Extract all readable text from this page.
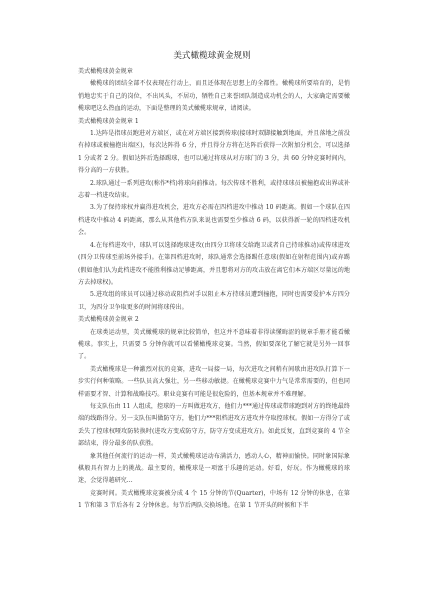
美式橄榄球黄金规则

美式橄榄球黄金规章

橄榄球的团结全部不仅表现在行动上，而且还体现在思想上的全都性。橄榄球所要培育的，是悄悄地忠实于自己的岗位，不出风头，不居功，牺牲自己来誉团队制造成功机会的人，大家确定需要橄榄球吧这么热血的运动，下面是整理的美式橄榄球规章，请阅读。

美式橄榄球黄金规章 1

1.达阵是指球员跑进对方端区，或在对方端区接到传球(接球时双脚接触到地面，并且落地之前没有掉球或被撞抱出端区)，每次达阵得 6 分，并且得分方将在达阵后获得一次附加分机会，可以选择 1 分或者 2 分。假如达阵后选择踢球，也可以通过将球从对方球门的 3 分，共 60 分钟竞赛时间内，得分高的一方获胜。

2.球队通过一系列进攻(称作*档)将球向前推动。每次传球不胜利，或持球球员被撞抱或出界或补志着一档进攻结束。

3.为了保持球权并赢得进攻机会，进攻方必需在四档进攻中推动 10 码距离。假如一个球队在四档进攻中推动 4 码距离，那么从其他档方队来说也需要至少推动 6 码，以获得新一轮的四档进攻机会。

4.在每档进攻中，球队可以选择跑球进攻(由四分卫将球交给跑卫或者自己持球推动)或传球进攻(四分卫传球至前场外接手)。在第四档进攻时，球队通常会选择踢任意球(假如在射程范围内)或弃踢(假如他们认为此档进攻不能胜利推动足够距离，并且想将对方的攻击放在离它们本方端区尽量远的地方去掉球权)。

5.进攻组的球员可以通过移动或阻挡对手以阻止本方持球员遭到撞抱，同时也需要爱护本方四分卫，为四分卫争取更多的时间将球传出。

美式橄榄球黄金规章 2

在球类运动里，美式橄榄球的规章比较简单，但这并不意味着非得读懂晦涩的规章手册才能看橄榄球。事实上，只需要 5 分钟你就可以看懂橄榄球竞赛。当然，假如要深化了解它就是另外一回事了。

美式橄榄球是一种激烈对抗的竞赛，进攻一局接一局，每次进攻之间稍有间歇由进攻队打算下一步实行何种策略。一些队员高大强壮，另一些移动敏捷。在橄榄球竞赛中力气是常常需要的，但也同样需要才智、计算和战略技巧。职业竞赛有可能是很危险的，但基本规章并不难理解。

每支队伍由 11 人组成，控球的一方叫做进攻方，他们力***通过传球或带球跑到对方的终地最终端的线路得分。另一支队伍叫做防守方，他们力***阻档进攻方进攻并夺取控球权。假如一方得分了或丢失了控球权哑攻防转换时(进攻方变成防守方，防守方变成进攻方)。如此反复，直到竞赛的 4 节全部结束，得分最多的队获胜。

象其他任何流行的运动一样，美式橄榄球运动布满活力，感动人心，精神而愉快。同时象国际象棋般具有智力上的挑战。最主要的，橄榄球是一项富于乐趣的运动。好看，好玩。作为橄榄球的球迷，会觉得越研究...

竞赛时间。美式橄榄球竞赛被分成 4 个 15 分钟的节(Quarter)，中场有 12 分钟的休息，在第 1 节和第 3 节后各有 2 分钟休息。每节后两队交换场地。在第 1 节开头的时候和下半
